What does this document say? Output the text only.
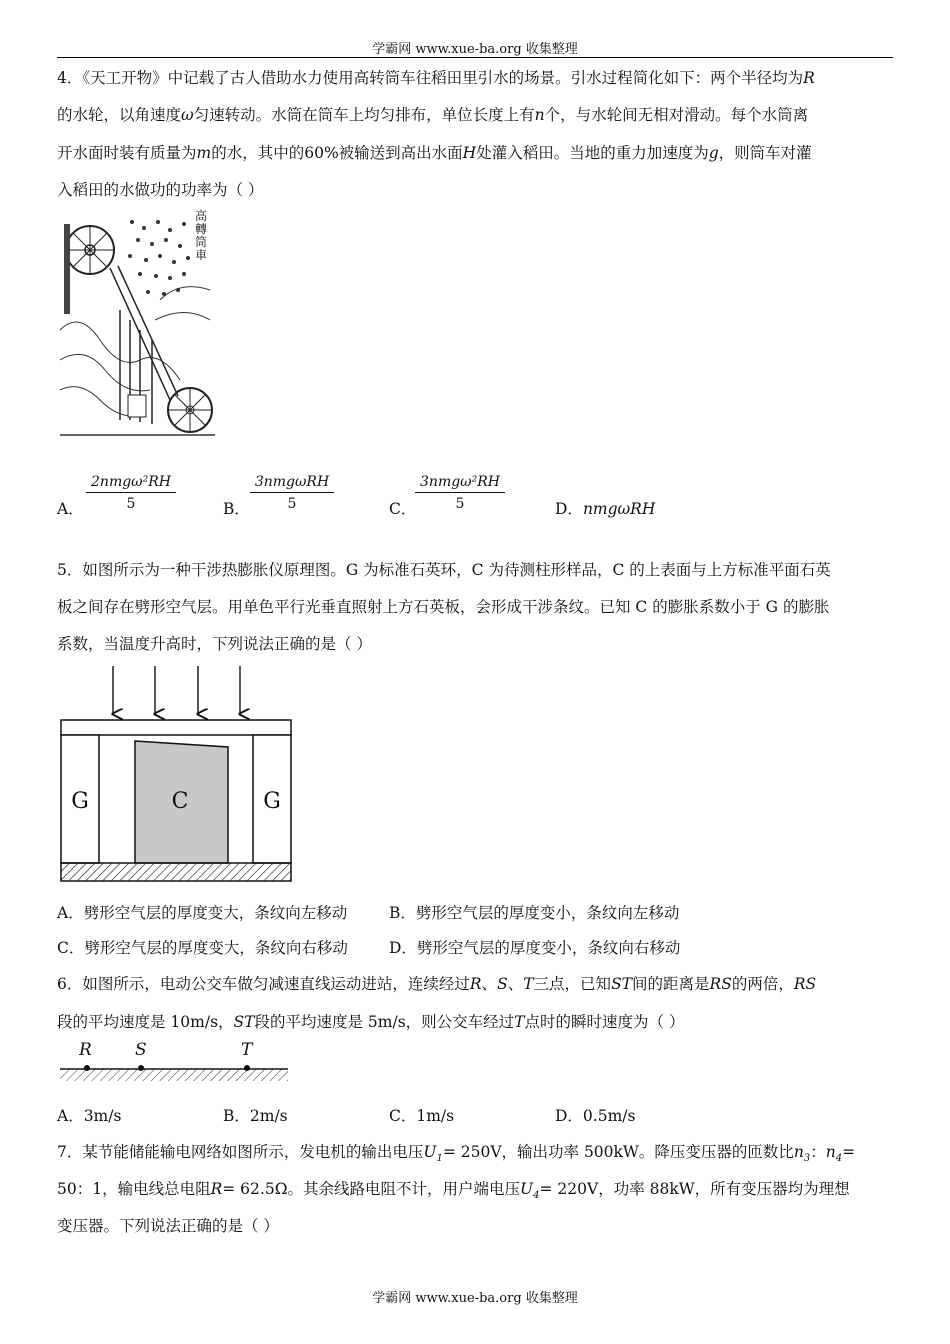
学霸网 www.xue-ba.org 收集整理
4．《天工开物》中记载了古人借助水力使用高转筒车往稻田里引水的场景。引水过程简化如下：两个半径均为R
的水轮，以角速度ω匀速转动。水筒在筒车上均匀排布，单位长度上有n个，与水轮间无相对滑动。每个水筒离
开水面时装有质量为m的水，其中的60%被输送到高出水面H处灌入稻田。当地的重力加速度为g，则筒车对灌
入稻田的水做功的功率为（ ）
高轉筒車
A．
2nmgω²RH
5	B．
3nmgωRH
5	C．
3nmgω²RH
5	D．nmgωRH
5．如图所示为一种干涉热膨胀仪原理图。G 为标准石英环，C 为待测柱形样品，C 的上表面与上方标准平面石英
板之间存在劈形空气层。用单色平行光垂直照射上方石英板，会形成干涉条纹。已知 C 的膨胀系数小于 G 的膨胀
系数，当温度升高时，下列说法正确的是（ ）
G	C	G
A．劈形空气层的厚度变大，条纹向左移动	B．劈形空气层的厚度变小，条纹向左移动
C．劈形空气层的厚度变大，条纹向右移动	D．劈形空气层的厚度变小，条纹向右移动
6．如图所示，电动公交车做匀减速直线运动进站，连续经过R、S、T三点，已知ST间的距离是RS的两倍，RS
段的平均速度是 10m/s，ST段的平均速度是 5m/s，则公交车经过T点时的瞬时速度为（ ）
R	S	T
A．3m/s	B．2m/s	C．1m/s	D．0.5m/s
7．某节能储能输电网络如图所示，发电机的输出电压$U_1= 250V$，输出功率 500kW。降压变压器的匝数比$n_3$：$n_4=$
50：1，输电线总电阻R= 62.5Ω。其余线路电阻不计，用户端电压$U_4= 220V$，功率 88kW，所有变压器均为理想
变压器。下列说法正确的是（ ）
学霸网 www.xue-ba.org 收集整理
